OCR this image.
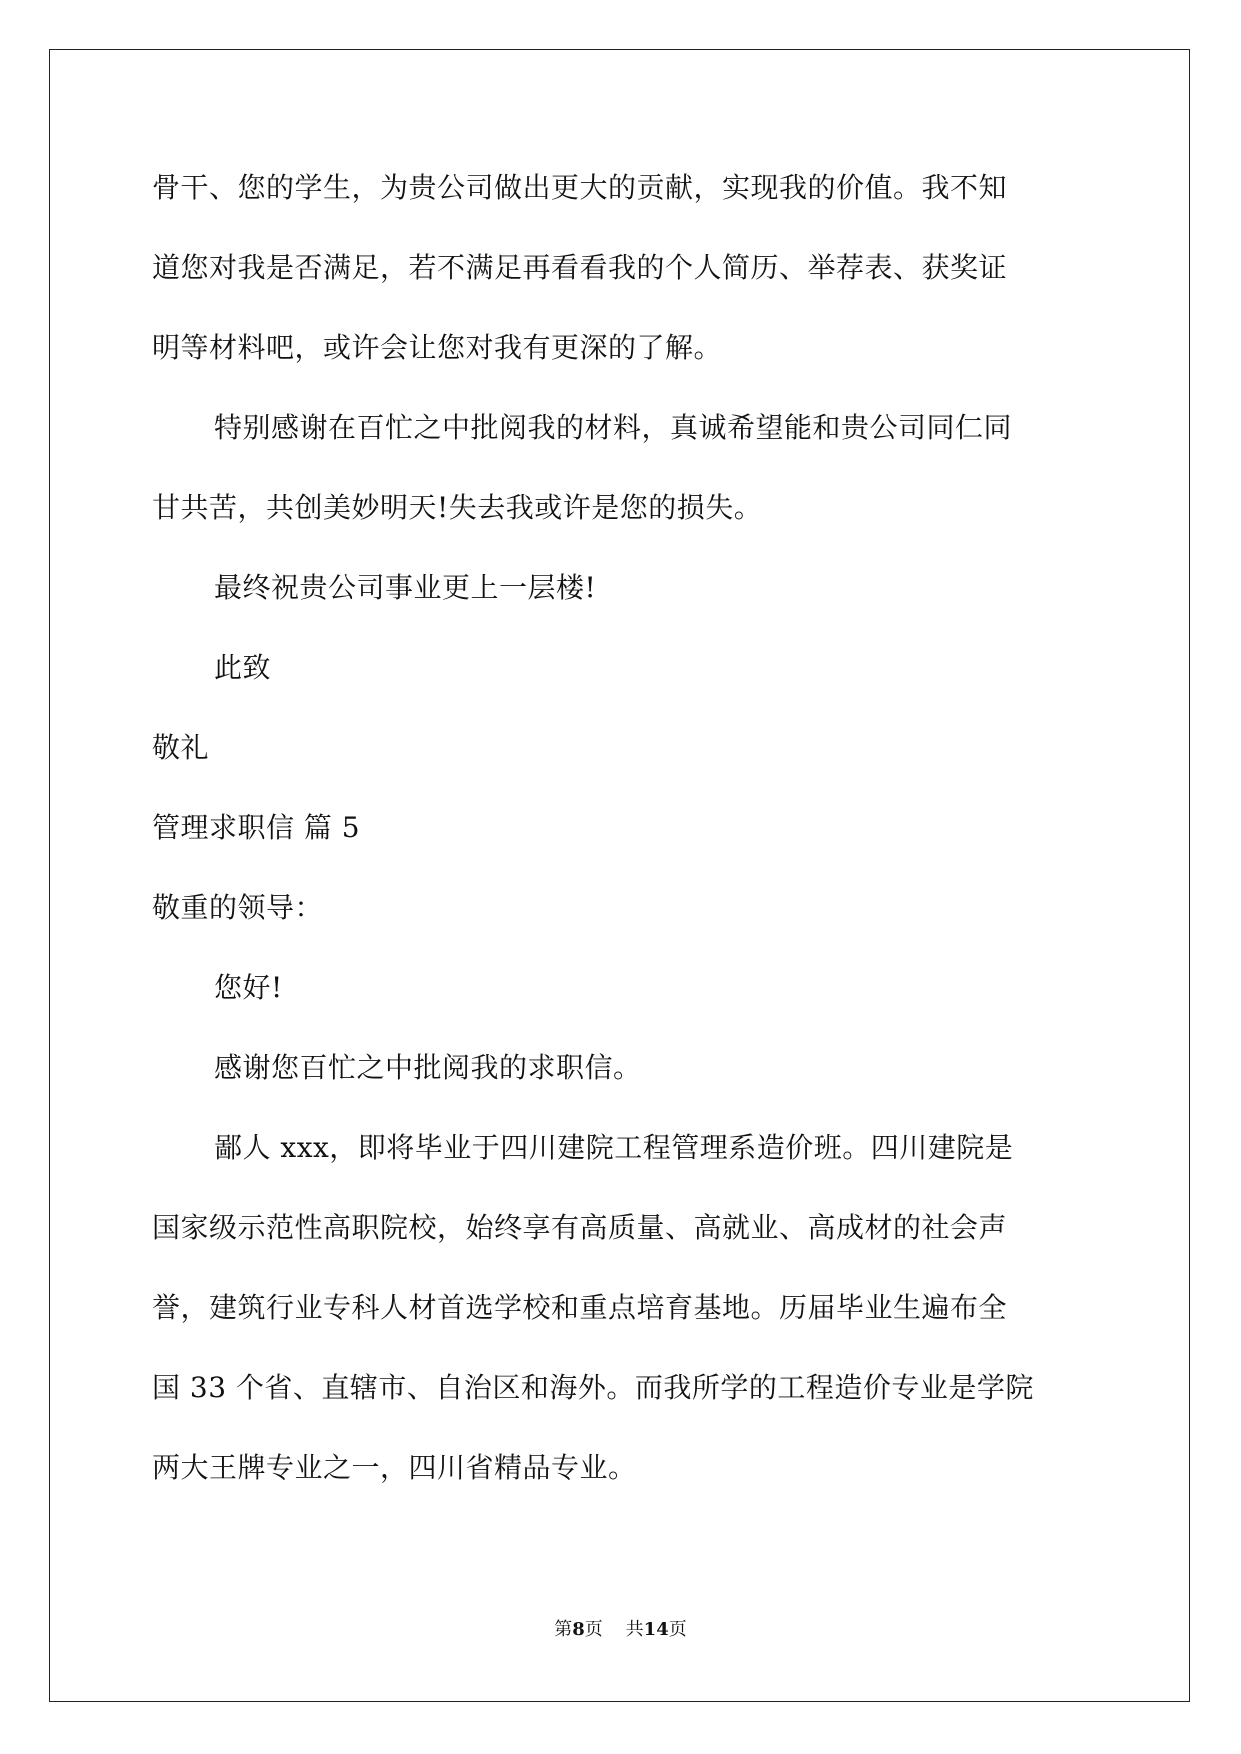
骨干、您的学生，为贵公司做出更大的贡献，实现我的价值。我不知
道您对我是否满足，若不满足再看看我的个人简历、举荐表、获奖证
明等材料吧，或许会让您对我有更深的了解。
特别感谢在百忙之中批阅我的材料，真诚希望能和贵公司同仁同
甘共苦，共创美妙明天!失去我或许是您的损失。
最终祝贵公司事业更上一层楼!
此致
敬礼
管理求职信 篇 5
敬重的领导：
您好!
感谢您百忙之中批阅我的求职信。
鄙人 xxx，即将毕业于四川建院工程管理系造价班。四川建院是
国家级示范性高职院校，始终享有高质量、高就业、高成材的社会声
誉，建筑行业专科人材首选学校和重点培育基地。历届毕业生遍布全
国 33 个省、直辖市、自治区和海外。而我所学的工程造价专业是学院
两大王牌专业之一，四川省精品专业。
第8页 共14页
